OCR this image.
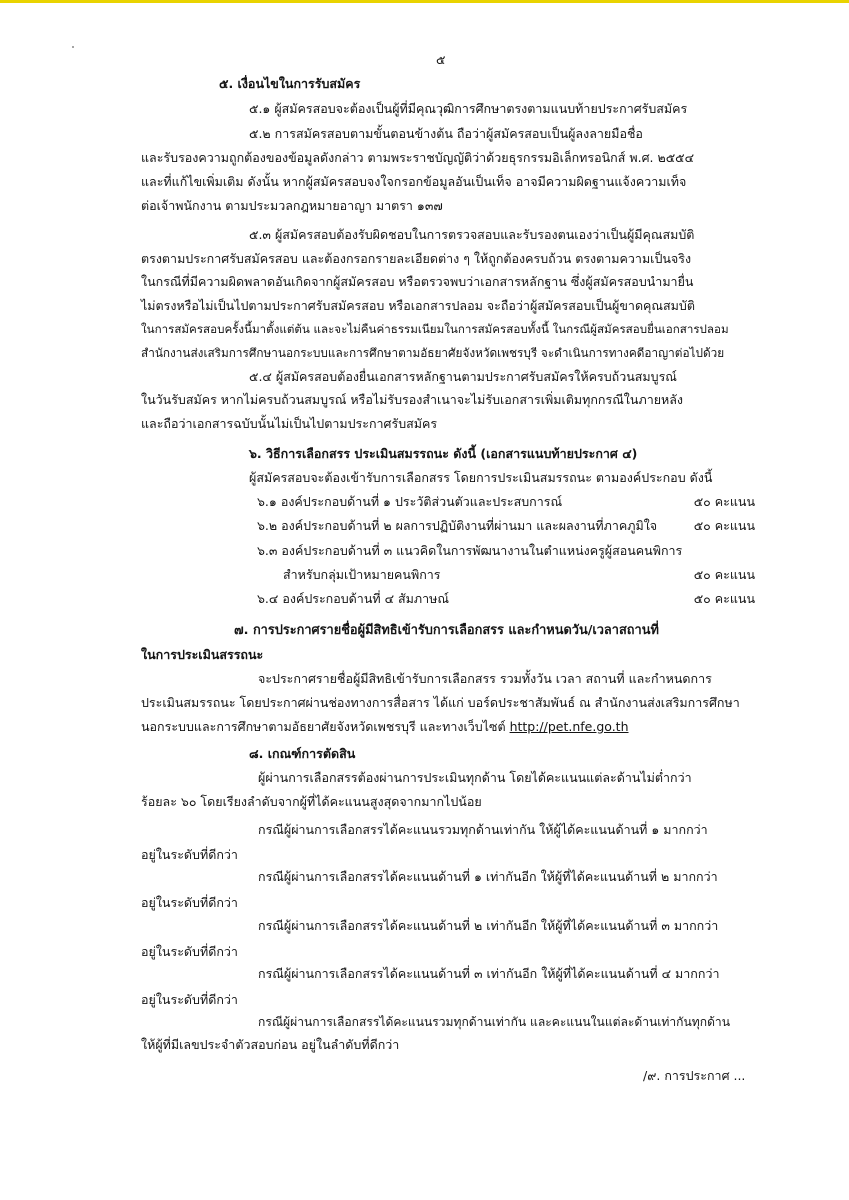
๕

๕. เงื่อนไขในการรับสมัคร

๕.๑ ผู้สมัครสอบจะต้องเป็นผู้ที่มีคุณวุฒิการศึกษาตรงตามแนบท้ายประกาศรับสมัคร

๕.๒ การสมัครสอบตามขั้นตอนข้างต้น ถือว่าผู้สมัครสอบเป็นผู้ลงลายมือชื่อ

และรับรองความถูกต้องของข้อมูลดังกล่าว ตามพระราชบัญญัติว่าด้วยธุรกรรมอิเล็กทรอนิกส์ พ.ศ. ๒๕๕๔

และที่แก้ไขเพิ่มเติม ดังนั้น หากผู้สมัครสอบจงใจกรอกข้อมูลอันเป็นเท็จ อาจมีความผิดฐานแจ้งความเท็จ

ต่อเจ้าพนักงาน ตามประมวลกฎหมายอาญา มาตรา ๑๓๗

๕.๓ ผู้สมัครสอบต้องรับผิดชอบในการตรวจสอบและรับรองตนเองว่าเป็นผู้มีคุณสมบัติ

ตรงตามประกาศรับสมัครสอบ และต้องกรอกรายละเอียดต่าง ๆ ให้ถูกต้องครบถ้วน ตรงตามความเป็นจริง

ในกรณีที่มีความผิดพลาดอันเกิดจากผู้สมัครสอบ หรือตรวจพบว่าเอกสารหลักฐาน ซึ่งผู้สมัครสอบนำมายื่น

ไม่ตรงหรือไม่เป็นไปตามประกาศรับสมัครสอบ หรือเอกสารปลอม จะถือว่าผู้สมัครสอบเป็นผู้ขาดคุณสมบัติ

ในการสมัครสอบครั้งนี้มาตั้งแต่ต้น และจะไม่คืนค่าธรรมเนียมในการสมัครสอบทั้งนี้ ในกรณีผู้สมัครสอบยื่นเอกสารปลอม

สำนักงานส่งเสริมการศึกษานอกระบบและการศึกษาตามอัธยาศัยจังหวัดเพชรบุรี จะดำเนินการทางคดีอาญาต่อไปด้วย

๕.๔ ผู้สมัครสอบต้องยื่นเอกสารหลักฐานตามประกาศรับสมัครให้ครบถ้วนสมบูรณ์

ในวันรับสมัคร หากไม่ครบถ้วนสมบูรณ์ หรือไม่รับรองสำเนาจะไม่รับเอกสารเพิ่มเติมทุกกรณีในภายหลัง

และถือว่าเอกสารฉบับนั้นไม่เป็นไปตามประกาศรับสมัคร

๖. วิธีการเลือกสรร ประเมินสมรรถนะ ดังนี้ (เอกสารแนบท้ายประกาศ ๔)

ผู้สมัครสอบจะต้องเข้ารับการเลือกสรร โดยการประเมินสมรรถนะ ตามองค์ประกอบ ดังนี้

๖.๑ องค์ประกอบด้านที่ ๑ ประวัติส่วนตัวและประสบการณ์	๕๐ คะแนน

๖.๒ องค์ประกอบด้านที่ ๒ ผลการปฏิบัติงานที่ผ่านมา และผลงานที่ภาคภูมิใจ	๕๐ คะแนน

๖.๓ องค์ประกอบด้านที่ ๓ แนวคิดในการพัฒนางานในตำแหน่งครูผู้สอนคนพิการ

สำหรับกลุ่มเป้าหมายคนพิการ	๕๐ คะแนน

๖.๔ องค์ประกอบด้านที่ ๔ สัมภาษณ์	๕๐ คะแนน

๗. การประกาศรายชื่อผู้มีสิทธิเข้ารับการเลือกสรร และกำหนดวัน/เวลาสถานที่

ในการประเมินสรรถนะ

จะประกาศรายชื่อผู้มีสิทธิเข้ารับการเลือกสรร รวมทั้งวัน เวลา สถานที่ และกำหนดการ

ประเมินสมรรถนะ โดยประกาศผ่านช่องทางการสื่อสาร ได้แก่ บอร์ดประชาสัมพันธ์ ณ สำนักงานส่งเสริมการศึกษา

นอกระบบและการศึกษาตามอัธยาศัยจังหวัดเพชรบุรี และทางเว็บไซต์ http://pet.nfe.go.th

๘. เกณฑ์การตัดสิน

ผู้ผ่านการเลือกสรรต้องผ่านการประเมินทุกด้าน โดยได้คะแนนแต่ละด้านไม่ต่ำกว่า

ร้อยละ ๖๐ โดยเรียงลำดับจากผู้ที่ได้คะแนนสูงสุดจากมากไปน้อย

กรณีผู้ผ่านการเลือกสรรได้คะแนนรวมทุกด้านเท่ากัน ให้ผู้ได้คะแนนด้านที่ ๑ มากกว่า

อยู่ในระดับที่ดีกว่า

กรณีผู้ผ่านการเลือกสรรได้คะแนนด้านที่ ๑ เท่ากันอีก ให้ผู้ที่ได้คะแนนด้านที่ ๒ มากกว่า

อยู่ในระดับที่ดีกว่า

กรณีผู้ผ่านการเลือกสรรได้คะแนนด้านที่ ๒ เท่ากันอีก ให้ผู้ที่ได้คะแนนด้านที่ ๓ มากกว่า

อยู่ในระดับที่ดีกว่า

กรณีผู้ผ่านการเลือกสรรได้คะแนนด้านที่ ๓ เท่ากันอีก ให้ผู้ที่ได้คะแนนด้านที่ ๔ มากกว่า

อยู่ในระดับที่ดีกว่า

กรณีผู้ผ่านการเลือกสรรได้คะแนนรวมทุกด้านเท่ากัน และคะแนนในแต่ละด้านเท่ากันทุกด้าน

ให้ผู้ที่มีเลขประจำตัวสอบก่อน อยู่ในลำดับที่ดีกว่า

/๙. การประกาศ ...
